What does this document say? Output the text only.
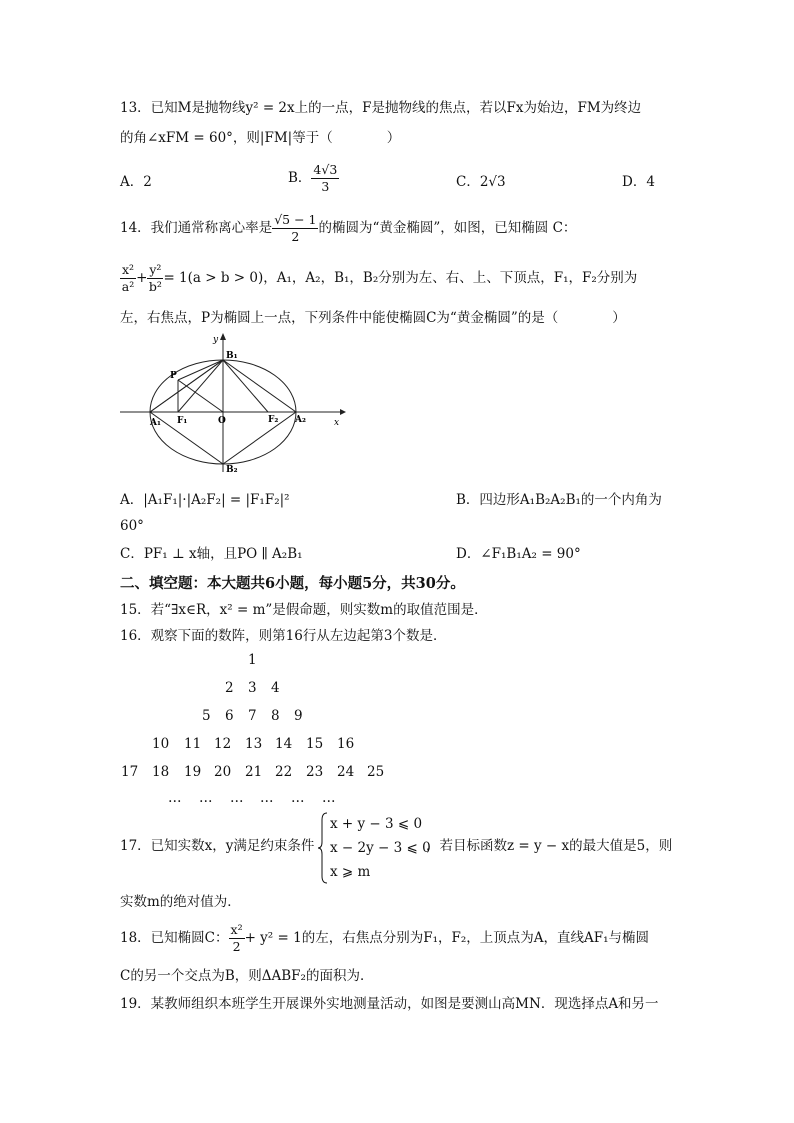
13．已知M是抛物线y² = 2x上的一点，F是抛物线的焦点，若以Fx为始边，FM为终边
的角∠xFM = 60°，则|FM|等于（　　　　）
A．2	B． $\frac{4√3}{3}$	C．2√3	D．4
14．我们通常称离心率是 $\frac{√5 - 1}{2}$ 的椭圆为“黄金椭圆”，如图，已知椭圆 C：
$\frac{\text{x²}}{\text{a²}} + \frac{\text{y²}}{\text{b²}} = 1(a > b > 0)$，A₁，A₂，B₁，B₂分别为左、右、上、下顶点，F₁，F₂分别为
左，右焦点，P为椭圆上一点，下列条件中能使椭圆C为“黄金椭圆”的是（　　　　）
y
x
B₁
B₂
P
A₁	A₂
F₁	F₂
O
A．|A₁F₁|·|A₂F₂| = |F₁F₂|²	B．四边形A₁B₂A₂B₁的一个内角为
60°
C．PF₁ ⊥ x轴，且PO ∥ A₂B₁	D．∠F₁B₁A₂ = 90°
二、填空题：本大题共6小题，每小题5分，共30分。
15．若“∃x∈R，x² = m”是假命题，则实数m的取值范围是．
16．观察下面的数阵，则第16行从左边起第3个数是．
1
2 3 4
5 6 7 8 9
10 11 12 13 14 15 16
17 18 19 20 21 22 23 24 25
… … … … … …
17．已知实数x，y满足约束条件
x + y − 3 ⩽ 0
x − 2y − 3 ⩽ 0
x ⩾ m
，若目标函数z = y − x的最大值是5，则
实数m的绝对值为．
18．已知椭圆C： $\frac{\text{x²}}{2} + y^2 = 1$的左，右焦点分别为F₁，F₂，上顶点为A，直线AF₁与椭圆
C的另一个交点为B，则ΔABF₂的面积为．
19．某教师组织本班学生开展课外实地测量活动，如图是要测山高MN．现选择点A和另一
